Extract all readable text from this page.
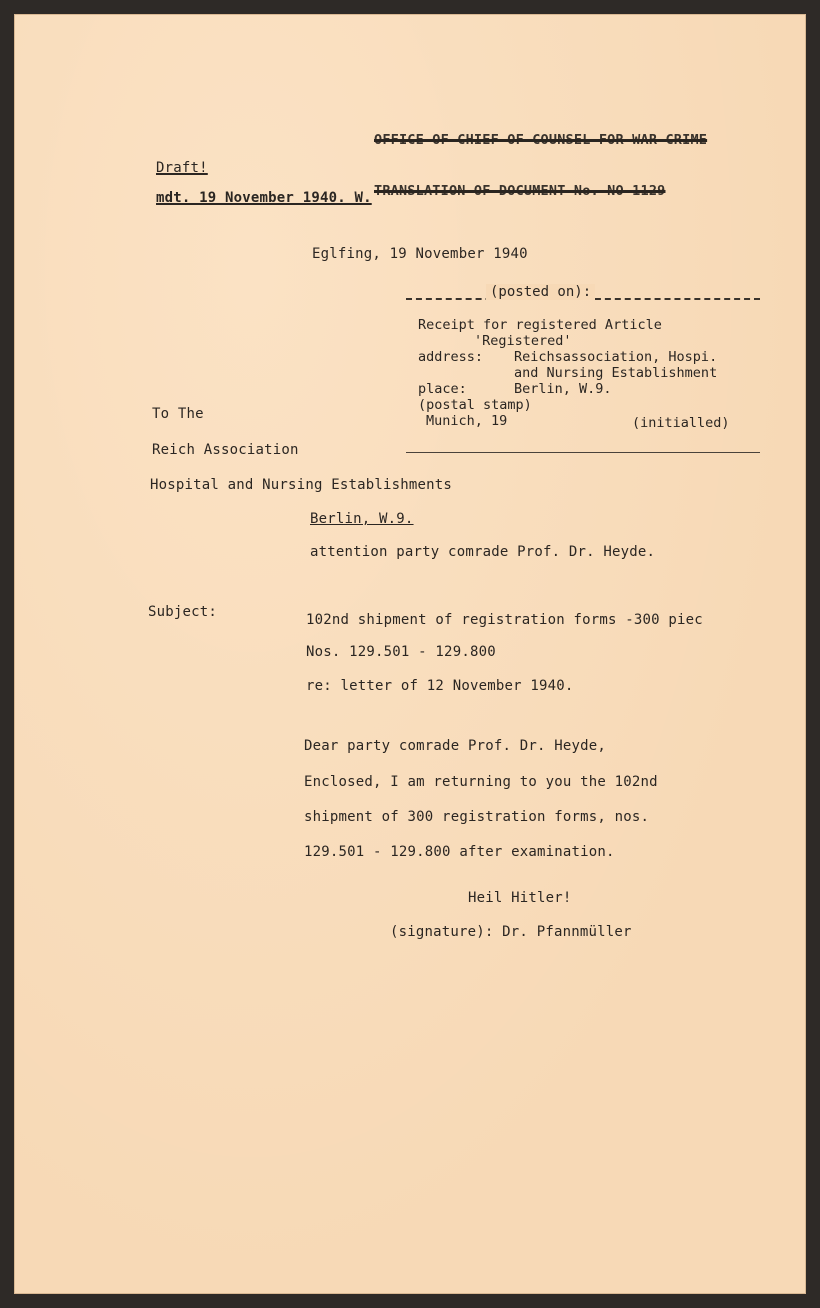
OFFICE OF CHIEF OF COUNSEL FOR WAR CRIME

TRANSLATION OF DOCUMENT No. NO-1129

Draft!
mdt. 19 November 1940. W.
Eglfing, 19 November 1940
(posted on):
Receipt for registered Article
'Registered'
address: Reichsassociation, Hospi.
and Nursing Establishment
place:	Berlin, W.9.
(postal stamp)
Munich, 19	(initialled)
To The
Reich Association
Hospital and Nursing Establishments
Berlin, W.9.
attention party comrade Prof. Dr. Heyde.
Subject:	102nd shipment of registration forms -300 piec
Nos. 129.501 - 129.800
re: letter of 12 November 1940.
Dear party comrade Prof. Dr. Heyde,
Enclosed, I am returning to you the 102nd
shipment of 300 registration forms, nos.
129.501 - 129.800 after examination.
Heil Hitler!
(signature): Dr. Pfannmüller
